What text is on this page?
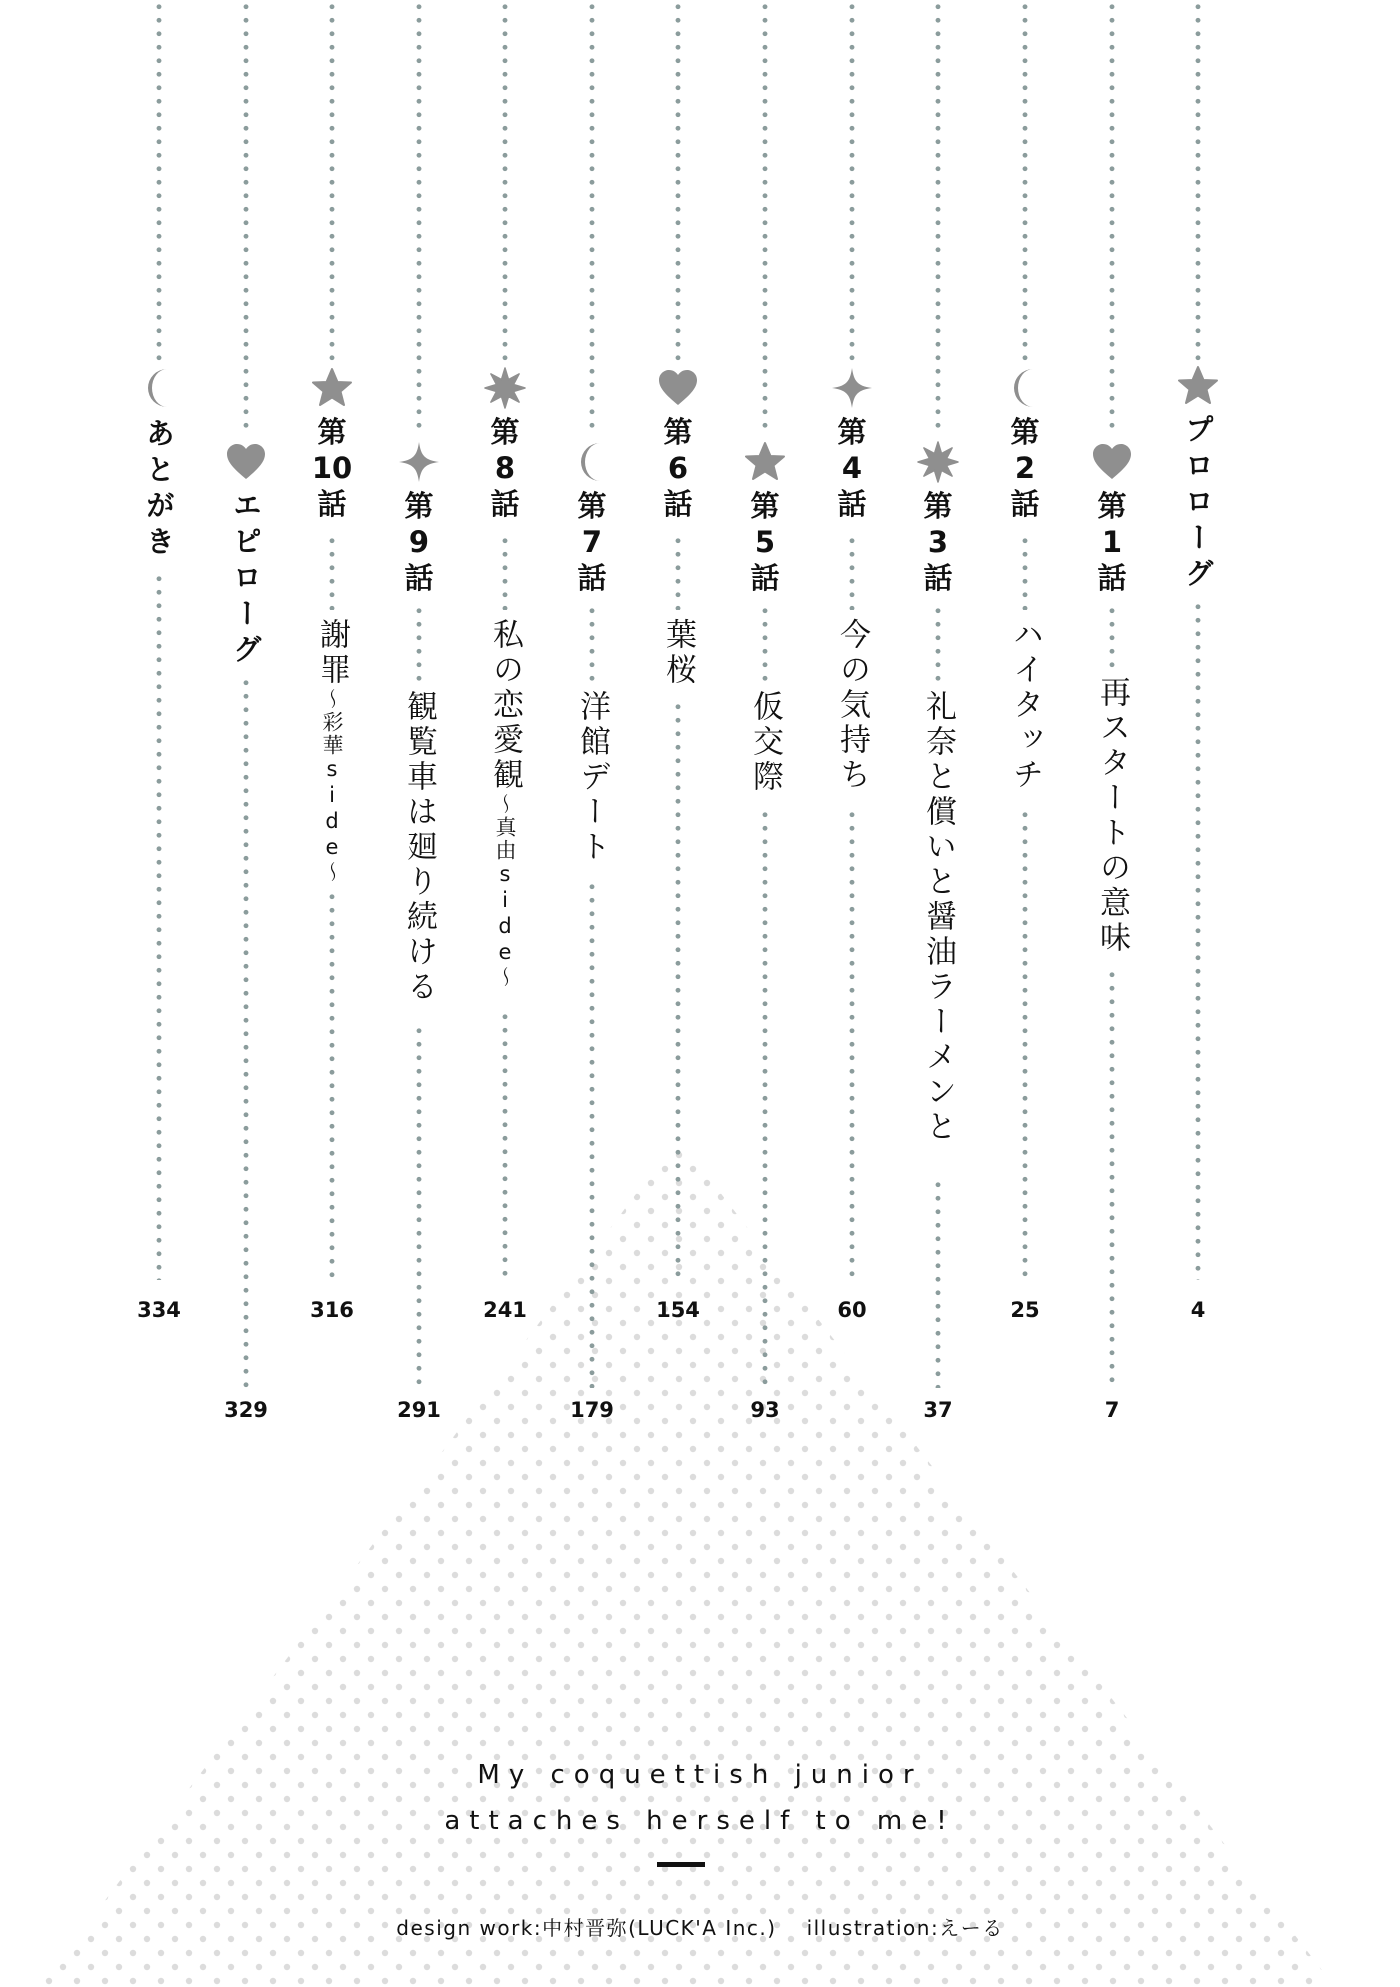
プロローグ
4
第
1
話
再スタートの意味
7
第
2
話
ハイタッチ
25
第
3
話
礼奈と償いと醤油ラーメンと
37
第
4
話
今の気持ち
60
第
5
話
仮交際
93
第
6
話
葉桜
154
第
7
話
洋館デート
179
第
8
話
私の恋愛観～真由side～
241
第
9
話
観覧車は廻り続ける
291
第
10
話
謝罪～彩華side～
316
エピローグ
329
あとがき
334
My coquettish junior
attaches herself to me!
design work:中村晋弥(LUCK'A Inc.) illustration:えーる
